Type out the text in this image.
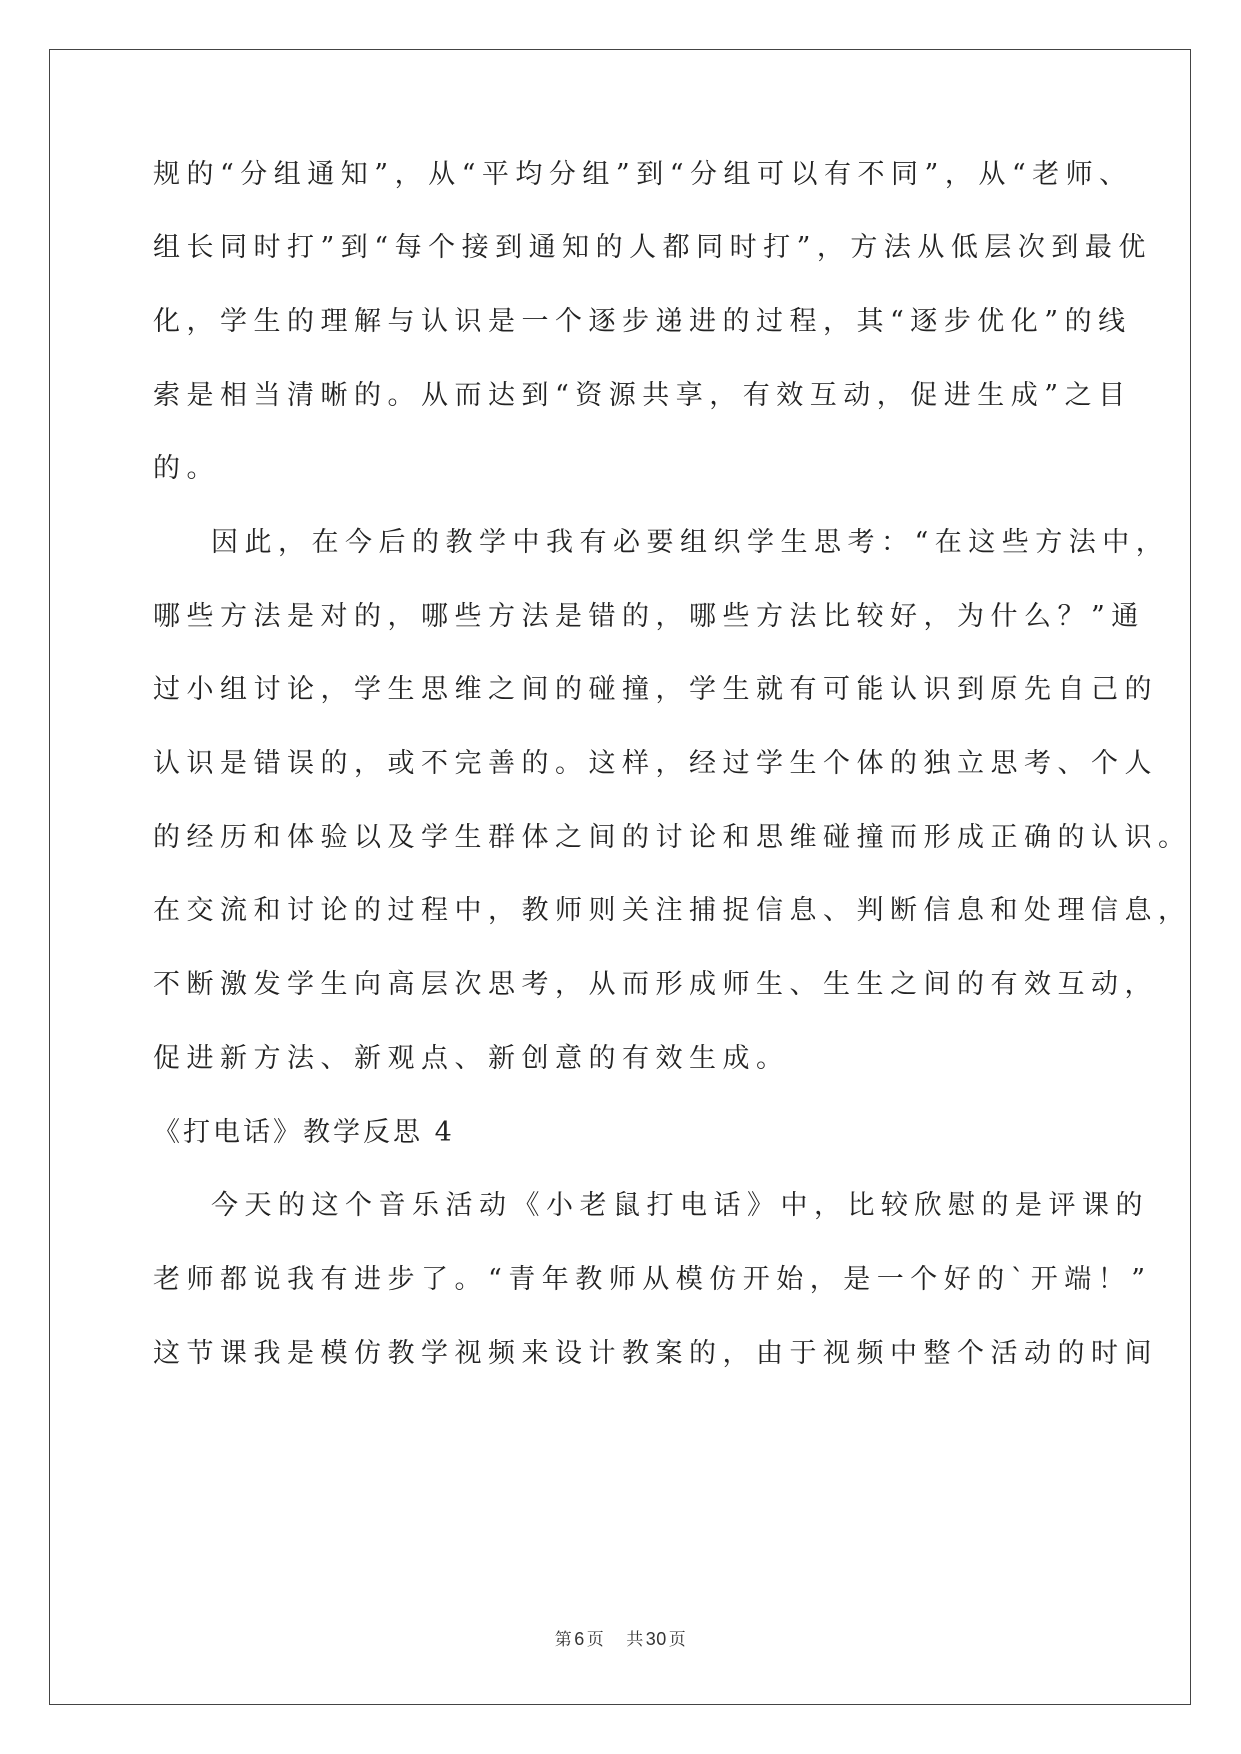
规的“分组通知”，从“平均分组”到“分组可以有不同”，从“老师、
组长同时打”到“每个接到通知的人都同时打”，方法从低层次到最优
化，学生的理解与认识是一个逐步递进的过程，其“逐步优化”的线
索是相当清晰的。从而达到“资源共享，有效互动，促进生成”之目
的。
因此，在今后的教学中我有必要组织学生思考：“在这些方法中，
哪些方法是对的，哪些方法是错的，哪些方法比较好，为什么？”通
过小组讨论，学生思维之间的碰撞，学生就有可能认识到原先自己的
认识是错误的，或不完善的。这样，经过学生个体的独立思考、个人
的经历和体验以及学生群体之间的讨论和思维碰撞而形成正确的认识。
在交流和讨论的过程中，教师则关注捕捉信息、判断信息和处理信息，
不断激发学生向高层次思考，从而形成师生、生生之间的有效互动，
促进新方法、新观点、新创意的有效生成。
《打电话》教学反思 4
今天的这个音乐活动《小老鼠打电话》中，比较欣慰的是评课的
老师都说我有进步了。“青年教师从模仿开始，是一个好的`开端！”
这节课我是模仿教学视频来设计教案的，由于视频中整个活动的时间
第 6 页 共 30 页
